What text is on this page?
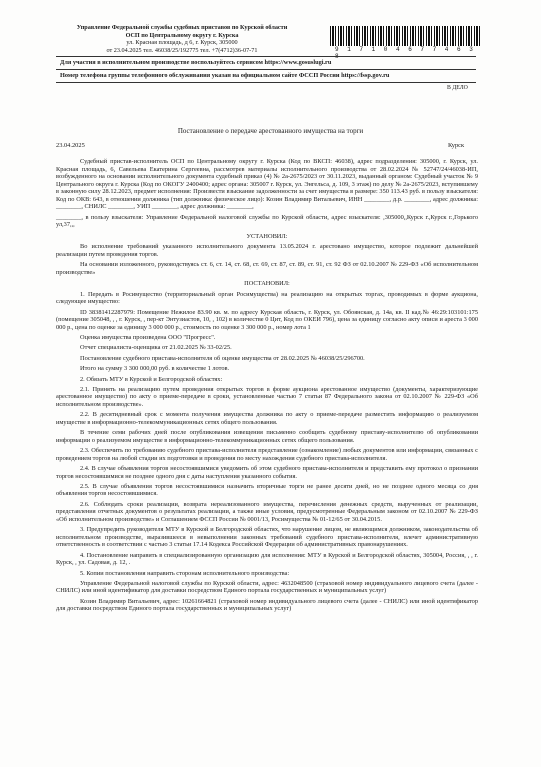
Управление Федеральной службы судебных приставов по Курской области
ОСП по Центральному округу г. Курска
ул. Красная площадь, д 6, г. Курск, 305000
от 23.04.2025 тел. 46038/25/192775 тел. +7(4712)36-07-71	9 1 7 1 0 4 6 7 7 4 6 3 8
Для участия в исполнительном производстве воспользуйтесь сервисом https://www.gosuslugi.ru
Номер телефона группы телефонного обслуживания указан на официальном сайте ФССП России https://fssp.gov.ru
В ДЕЛО
Постановление о передаче арестованного имущества на торги
23.04.2025	Курск

Судебный пристав-исполнитель ОСП по Центральному округу г. Курска (Код по ВКСП: 46038), адрес подразделения: 305000, г. Курск, ул. Красная площадь, 6, Савельева Екатерина Сергеевна, рассмотрев материалы исполнительного производства от 28.02.2024 № 52747/24/46038-ИП, возбужденного на основании исполнительного документа судебный приказ (4) № 2а-2675/2023 от 30.11.2023, выданный органом: Судебный участок № 9 Центрального округа г. Курска (Код по ОКОГУ 2400400; адрес органа: 305007 г. Курск, ул. Энгельса, д. 109, 3 этаж) по делу № 2а-2675/2023, вступившему в законную силу 28.12.2023, предмет исполнения: Произвести взыскание задолженности за счет имущества в размере: 350 113.43 руб. в пользу взыскателя: Код по ОКВ: 643, в отношении должника (тип должника: физическое лицо): Козин Владимир Витальевич, ИНН ________, д.р. ________, адрес должника: ________, СНИЛС ________, УИП ________, адрес должника: ________,

________, в пользу взыскателя: Управление Федеральной налоговой службы по Курской области, адрес взыскателя: ,305000,,Курск г.,Курск г.,Горького ул,37,,,

УСТАНОВИЛ:

Во исполнение требований указанного исполнительного документа 13.05.2024 г. арестовано имущество, которое подлежит дальнейшей реализации путем проведения торгов.

На основании изложенного, руководствуясь ст. 6, ст. 14, ст. 68, ст. 69, ст. 87, ст. 89, ст. 91, ст. 92 ФЗ от 02.10.2007 № 229-ФЗ «Об исполнительном производстве»

ПОСТАНОВИЛ:

1. Передать в Росимущество (территориальный орган Росимущества) на реализацию на открытых торгах, проводимых в форме аукциона, следующее имущество:

ID 38381412287979: Помещение Нежилое 83.90 кв. м. по адресу Курская область, г. Курск, ул. Обоянская, д. 14а, кв. II кад.№ 46:29:103101:175 (помещение 305048, , , г. Курск, , пер-кт Энтузиастов, 10, , 102) в количестве 0 Цит, Код по ОКЕИ 796), цена за единицу согласно акту описи и ареста 3 000 000 р., цена по оценке за единицу 3 000 000 р., стоимость по оценке 3 300 000 р., номер лота 1

Оценка имущества произведена ООО "Прогресс".

Отчет специалиста-оценщика от 21.02.2025 № 33-02/25.

Постановление судебного пристава-исполнителя об оценке имущества от 28.02.2025 № 46038/25/296700.

Итого на сумму 3 300 000,00 руб. в количестве 1 лотов.

2. Обязать МТУ в Курской и Белгородской областях:

2.1. Принять на реализацию путем проведения открытых торгов в форме аукциона арестованное имущество (документы, характеризующие арестованное имущество) по акту о приеме-передаче в сроки, установленные частью 7 статьи 87 Федерального закона от 02.10.2007 № 229-ФЗ «Об исполнительном производстве».

2.2. В десятидневный срок с момента получения имущества должника по акту о приеме-передаче разместить информацию о реализуемом имуществе в информационно-телекоммуникационных сетях общего пользования.

В течение семи рабочих дней после опубликования извещения письменно сообщить судебному приставу-исполнителю об опубликовании информации о реализуемом имуществе в информационно-телекоммуникационных сетях общего пользования.

2.3. Обеспечить по требованию судебного пристава-исполнителя представление (ознакомление) любых документов или информации, связанных с проведением торгов на любой стадии их подготовки и проведения по месту нахождения судебного пристава-исполнителя.

2.4. В случае объявления торгов несостоявшимися уведомить об этом судебного пристава-исполнителя и представить ему протокол о признании торгов несостоявшимися не позднее одного дня с даты наступления указанного события.

2.5. В случае объявления торгов несостоявшимися назначить вторичные торги не ранее десяти дней, но не позднее одного месяца со дня объявления торгов несостоявшимися.

2.6. Соблюдать сроки реализации, возврата нереализованного имущества, перечисления денежных средств, вырученных от реализации, представления отчетных документов о результатах реализации, а также иные условия, предусмотренные Федеральным законом от 02.10.2007 № 229-ФЗ «Об исполнительном производстве» и Соглашением ФССП России № 0001/13, Росимущества № 01-12/65 от 30.04.2015.

3. Предупредить руководителя МТУ в Курской и Белгородской областях, что нарушение лицом, не являющимся должником, законодательства об исполнительном производстве, выразившееся в невыполнении законных требований судебного пристава-исполнителя, влечет административную ответственность в соответствии с частью 3 статьи 17.14 Кодекса Российской Федерации об административных правонарушениях.

4. Постановление направить в специализированную организацию для исполнения: МТУ в Курской и Белгородской областях, 305004, Россия, , , г. Курск, , ул. Садовая, д. 12, .

5. Копии постановления направить сторонам исполнительного производства:

Управление Федеральной налоговой службы по Курской области, адрес: 4632048500 (страховой номер индивидуального лицевого счета (далее - СНИЛС) или иной идентификатор для доставки посредством Единого портала государственных и муниципальных услуг)

Козин Владимир Витальевич, адрес: 10261664821 (страховой номер индивидуального лицевого счета (далее - СНИЛС) или иной идентификатор для доставки посредством Единого портала государственных и муниципальных услуг)
